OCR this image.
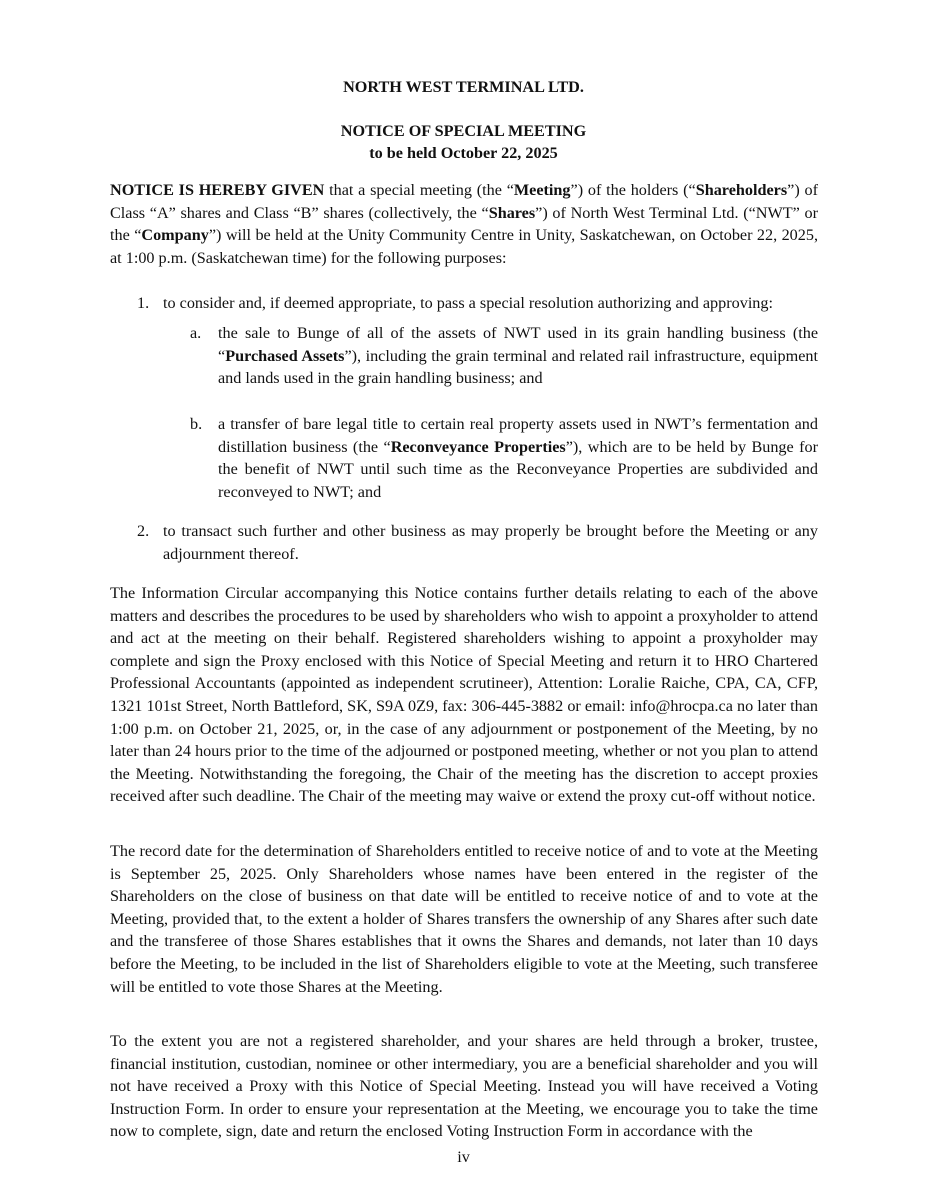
NORTH WEST TERMINAL LTD.
NOTICE OF SPECIAL MEETING
to be held October 22, 2025

NOTICE IS HEREBY GIVEN that a special meeting (the “Meeting”) of the holders (“Shareholders”) of Class “A” shares and Class “B” shares (collectively, the “Shares”) of North West Terminal Ltd. (“NWT” or the “Company”) will be held at the Unity Community Centre in Unity, Saskatchewan, on October 22, 2025, at 1:00 p.m. (Saskatchewan time) for the following purposes:

1. to consider and, if deemed appropriate, to pass a special resolution authorizing and approving:
a. the sale to Bunge of all of the assets of NWT used in its grain handling business (the “Purchased Assets”), including the grain terminal and related rail infrastructure, equipment and lands used in the grain handling business; and
b. a transfer of bare legal title to certain real property assets used in NWT’s fermentation and distillation business (the “Reconveyance Properties”), which are to be held by Bunge for the benefit of NWT until such time as the Reconveyance Properties are subdivided and reconveyed to NWT; and
2. to transact such further and other business as may properly be brought before the Meeting or any adjournment thereof.

The Information Circular accompanying this Notice contains further details relating to each of the above matters and describes the procedures to be used by shareholders who wish to appoint a proxyholder to attend and act at the meeting on their behalf. Registered shareholders wishing to appoint a proxyholder may complete and sign the Proxy enclosed with this Notice of Special Meeting and return it to HRO Chartered Professional Accountants (appointed as independent scrutineer), Attention: Loralie Raiche, CPA, CA, CFP, 1321 101st Street, North Battleford, SK, S9A 0Z9, fax: 306-445-3882 or email: info@hrocpa.ca no later than 1:00 p.m. on October 21, 2025, or, in the case of any adjournment or postponement of the Meeting, by no later than 24 hours prior to the time of the adjourned or postponed meeting, whether or not you plan to attend the Meeting. Notwithstanding the foregoing, the Chair of the meeting has the discretion to accept proxies received after such deadline. The Chair of the meeting may waive or extend the proxy cut-off without notice.

The record date for the determination of Shareholders entitled to receive notice of and to vote at the Meeting is September 25, 2025. Only Shareholders whose names have been entered in the register of the Shareholders on the close of business on that date will be entitled to receive notice of and to vote at the Meeting, provided that, to the extent a holder of Shares transfers the ownership of any Shares after such date and the transferee of those Shares establishes that it owns the Shares and demands, not later than 10 days before the Meeting, to be included in the list of Shareholders eligible to vote at the Meeting, such transferee will be entitled to vote those Shares at the Meeting.

To the extent you are not a registered shareholder, and your shares are held through a broker, trustee, financial institution, custodian, nominee or other intermediary, you are a beneficial shareholder and you will not have received a Proxy with this Notice of Special Meeting. Instead you will have received a Voting Instruction Form. In order to ensure your representation at the Meeting, we encourage you to take the time now to complete, sign, date and return the enclosed Voting Instruction Form in accordance with the

iv
